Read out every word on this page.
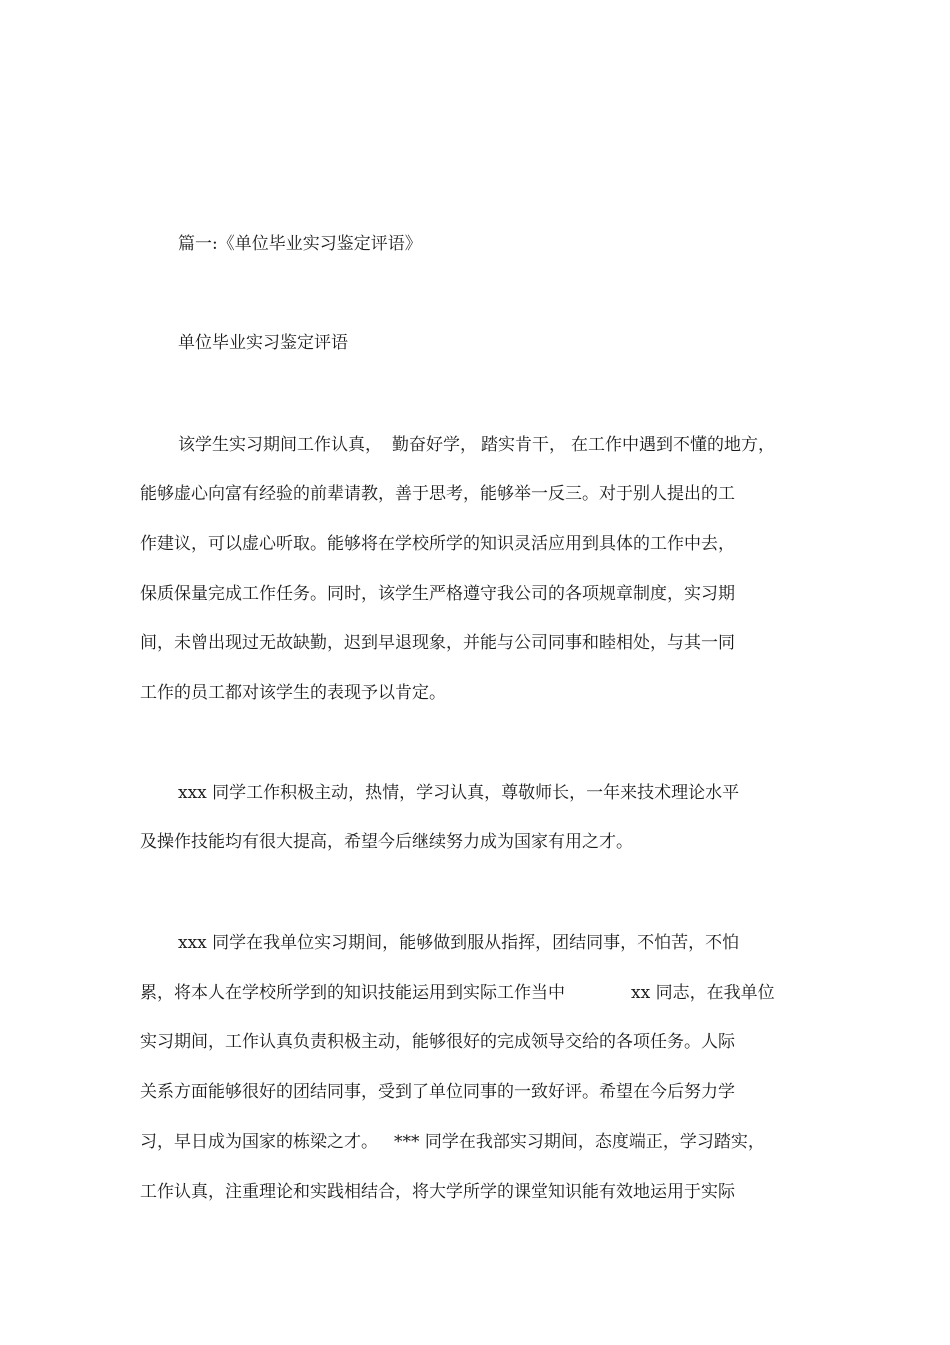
篇一:《单位毕业实习鉴定评语》
单位毕业实习鉴定评语
该学生实习期间工作认真， 勤奋好学， 踏实肯干， 在工作中遇到不懂的地方，
能够虚心向富有经验的前辈请教，善于思考，能够举一反三。对于别人提出的工
作建议，可以虚心听取。能够将在学校所学的知识灵活应用到具体的工作中去，
保质保量完成工作任务。同时，该学生严格遵守我公司的各项规章制度，实习期
间，未曾出现过无故缺勤，迟到早退现象，并能与公司同事和睦相处，与其一同
工作的员工都对该学生的表现予以肯定。
xxx 同学工作积极主动，热情，学习认真，尊敬师长，一年来技术理论水平
及操作技能均有很大提高，希望今后继续努力成为国家有用之才。
xxx 同学在我单位实习期间，能够做到服从指挥，团结同事，不怕苦，不怕
累，将本人在学校所学到的知识技能运用到实际工作当中	xx 同志，在我单位
实习期间，工作认真负责积极主动，能够很好的完成领导交给的各项任务。人际
关系方面能够很好的团结同事，受到了单位同事的一致好评。希望在今后努力学
习，早日成为国家的栋梁之才。 *** 同学在我部实习期间，态度端正，学习踏实，
工作认真，注重理论和实践相结合，将大学所学的课堂知识能有效地运用于实际
